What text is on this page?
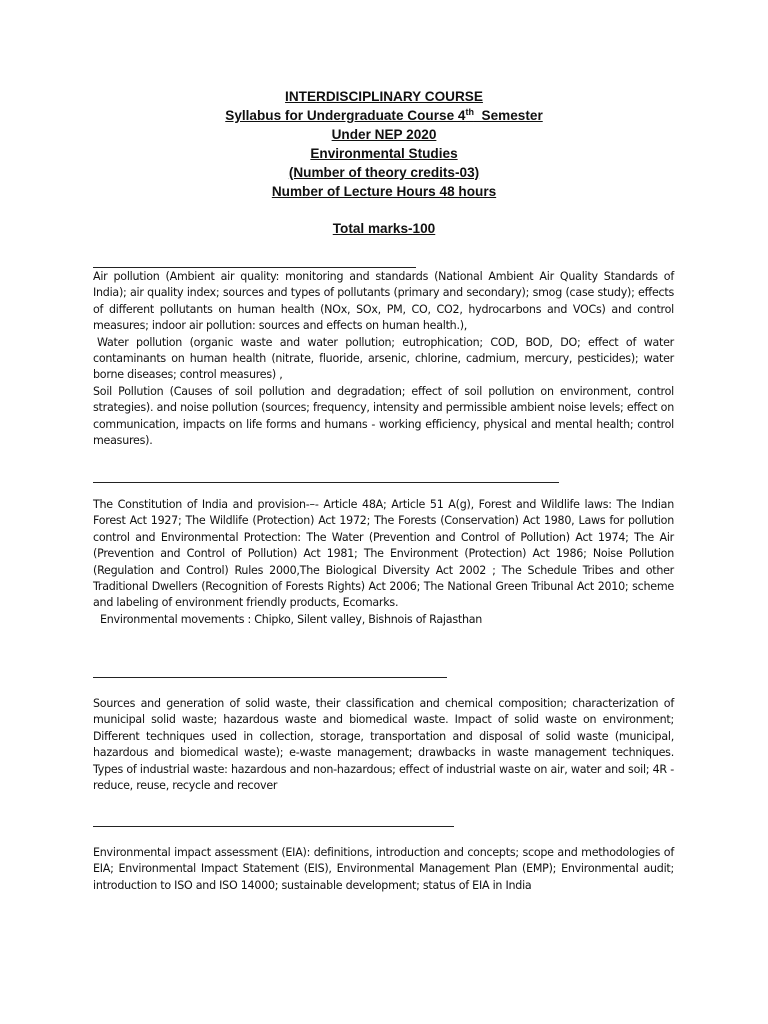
INTERDISCIPLINARY COURSE
Syllabus for Undergraduate Course 4th  Semester
Under NEP 2020
Environmental Studies
(Number of theory credits-03)
Number of Lecture Hours 48 hours
Total marks-100

Air pollution (Ambient air quality: monitoring and standards (National Ambient Air Quality Standards of India); air quality index; sources and types of pollutants (primary and secondary); smog (case study); effects of different pollutants on human health (NOx, SOx, PM, CO, CO2, hydrocarbons and VOCs) and control measures; indoor air pollution: sources and effects on human health.),

Water pollution (organic waste and water pollution; eutrophication; COD, BOD, DO; effect of water contaminants on human health (nitrate, fluoride, arsenic, chlorine, cadmium, mercury, pesticides); water borne diseases; control measures) ,

Soil Pollution (Causes of soil pollution and degradation; effect of soil pollution on environment, control strategies). and noise pollution (sources; frequency, intensity and permissible ambient noise levels; effect on communication, impacts on life forms and humans - working efficiency, physical and mental health; control measures).

The Constitution of India and provision-–- Article 48A; Article 51 A(g), Forest and Wildlife laws: The Indian Forest Act 1927; The Wildlife (Protection) Act 1972; The Forests (Conservation) Act 1980, Laws for pollution control and Environmental Protection: The Water (Prevention and Control of Pollution) Act 1974; The Air (Prevention and Control of Pollution) Act 1981; The Environment (Protection) Act 1986; Noise Pollution (Regulation and Control) Rules 2000,The Biological Diversity Act 2002 ; The Schedule Tribes and other Traditional Dwellers (Recognition of Forests Rights) Act 2006; The National Green Tribunal Act 2010; scheme and labeling of environment friendly products, Ecomarks.

Environmental movements : Chipko, Silent valley, Bishnois of Rajasthan

Sources and generation of solid waste, their classification and chemical composition; characterization of municipal solid waste; hazardous waste and biomedical waste. Impact of solid waste on environment; Different techniques used in collection, storage, transportation and disposal of solid waste (municipal, hazardous and biomedical waste); e-waste management; drawbacks in waste management techniques. Types of industrial waste: hazardous and non-hazardous; effect of industrial waste on air, water and soil; 4R - reduce, reuse, recycle and recover

Environmental impact assessment (EIA): definitions, introduction and concepts; scope and methodologies of EIA; Environmental Impact Statement (EIS), Environmental Management Plan (EMP); Environmental audit; introduction to ISO and ISO 14000; sustainable development; status of EIA in India
